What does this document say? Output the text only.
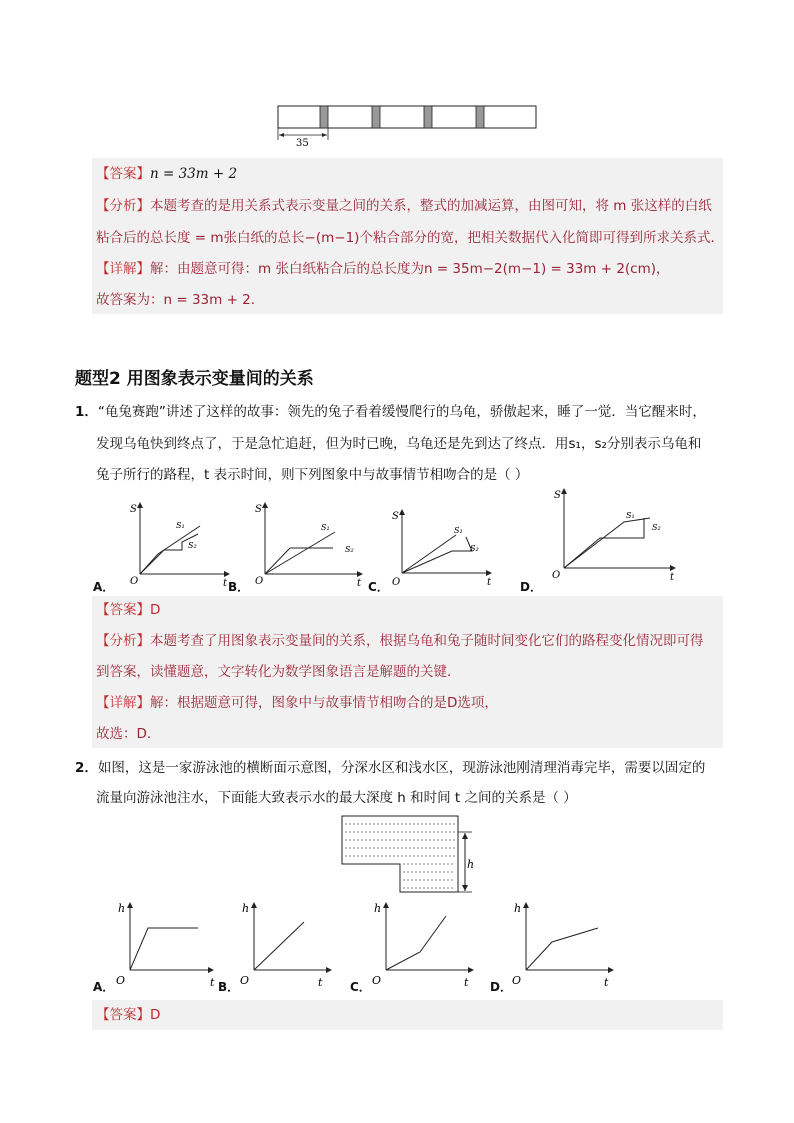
35
【答案】n = 33m + 2
【分析】本题考查的是用关系式表示变量之间的关系，整式的加减运算，由图可知，将 m 张这样的白纸
粘合后的总长度 = m张白纸的总长−(m−1)个粘合部分的宽，把相关数据代入化简即可得到所求关系式.
【详解】解：由题意可得：m 张白纸粘合后的总长度为n = 35m−2(m−1) = 33m + 2(cm)，
故答案为：n = 33m + 2.
题型2 用图象表示变量间的关系
1．“龟兔赛跑”讲述了这样的故事：领先的兔子看着缓慢爬行的乌龟，骄傲起来，睡了一觉．当它醒来时，
发现乌龟快到终点了，于是急忙追赶，但为时已晚，乌龟还是先到达了终点．用s₁，s₂分别表示乌龟和
兔子所行的路程，t 表示时间，则下列图象中与故事情节相吻合的是（ ）
S
t
O
S₁
S₂
A．
S
t
O
S₁
S₂
B．
S
t
O
S₁
S₂
C．
S
t
O
S₁
S₂
D．
【答案】D
【分析】本题考查了用图象表示变量间的关系，根据乌龟和兔子随时间变化它们的路程变化情况即可得
到答案，读懂题意，文字转化为数学图象语言是解题的关键．
【详解】解：根据题意可得，图象中与故事情节相吻合的是D选项，
故选：D．
2．如图，这是一家游泳池的横断面示意图，分深水区和浅水区，现游泳池刚清理消毒完毕，需要以固定的
流量向游泳池注水，下面能大致表示水的最大深度 h 和时间 t 之间的关系是（ ）
h
h
t
O
A．
h
t
O
B．
h
t
O
C．
h
t
O
D．
【答案】D
